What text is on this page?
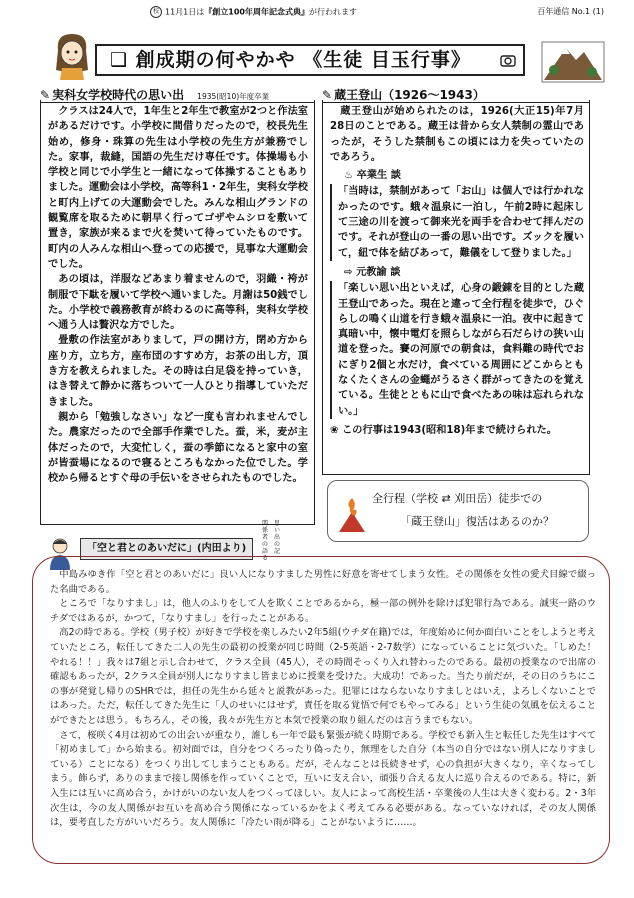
校 11月1日は『創立100年周年記念式典』が行われます	百年通信 No.1 (1)
❑ 創成期の何やかや 《生徒 目玉行事》
✎ 実科女学校時代の思い出 1935(昭10)年度卒業	✎ 蔵王登山（1926～1943）

クラスは24人で，1年生と2年生で教室が2つと作法室があるだけです。小学校に間借りだったので，校長先生始め，修身・珠算の先生は小学校の先生方が兼務でした。家事，裁縫，国語の先生だけ専任です。体操場も小学校と同じで小学生と一緒になって体操することもありました。運動会は小学校，高等科1・2年生，実科女学校と町内上げての大運動会でした。みんな相山グランドの観覧席を取るために朝早く行ってゴザやムシロを敷いて置き，家族が来るまで火を焚いて待っていたものです。町内の人みんな相山へ登っての応援で，見事な大運動会でした。

あの頃は，洋服などあまり着ませんので，羽織・袴が制服で下駄を履いて学校へ通いました。月謝は50銭でした。小学校で義務教育が終わるのに高等科，実科女学校へ通う人は贅沢な方でした。

畳敷の作法室がありまして，戸の開け方，閉め方から座り方，立ち方，座布団のすすめ方，お茶の出し方，頂き方を教えられました。その時は白足袋を持っていき，はき替えて静かに落ちついて一人ひとり指導していただきました。

親から「勉強しなさい」など一度も言われませんでした。農家だったので全部手作業でした。蚕，米，麦が主体だったので，大変忙しく，蚕の季節になると家中の室が皆蚕場になるので寝るところもなかった位でした。学校から帰るとすぐ母の手伝いをさせられたものでした。

蔵王登山が始められたのは，1926(大正15)年7月28日のことである。蔵王は昔から女人禁制の霊山であったが，そうした禁制もこの頃には力を失っていたのであろう。

♨ 卒業生 談
「当時は，禁制があって「お山」は個人では行かれなかったのです。蛾々温泉に一泊し，午前2時に起床して三途の川を渡って御来光を両手を合わせて拝んだのです。それが登山の一番の思い出です。ズックを履いて，紐で体を結びあって，難儀をして登りました。」
⇨ 元教諭 談
「楽しい思い出といえば，心身の鍛錬を目的とした蔵王登山であった。現在と違って全行程を徒歩で，ひぐらしの鳴く山道を行き蛾々温泉に一泊。夜中に起きて真暗い中，懐中電灯を照らしながら石だらけの狭い山道を登った。賽の河原での朝食は，食料難の時代でおにぎり2個と水だけ，食べている周囲にどこからともなくたくさんの金蠅がうるさく群がってきたのを覚えている。生徒とともに山で食べたあの味は忘れられない。」
❀ この行事は1943(昭和18)年まで続けられた。
全行程（学校 ⇄ 刈田岳）徒歩での
「蔵王登山」復活はあるのか？
関係者の語る
思い出の記
「空と君とのあいだに」(内田より)

中島みゆき作「空と君とのあいだに」良い人になりすました男性に好意を寄せてしまう女性。その関係を女性の愛犬目線で綴った名曲である。

ところで「なりすまし」は，他人のふりをして人を欺くことであるから，極一部の例外を除けば犯罪行為である。誠実一路のウチダではあるが，かつて，「なりすまし」を行ったことがある。

高2の時である。学校（男子校）が好きで学校を楽しみたい2年5組(ウチダ在籍)では，年度始めに何か面白いことをしようと考えていたところ，転任してきた二人の先生の最初の授業が同じ時間（2-5英語・2-7数学）になっていることに気づいた。「しめた！やれる！！」我々は7組と示し合わせて，クラス全員（45人），その時間そっくり入れ替わったのである。最初の授業なので出席の確認もあったが，2クラス全員が別人になりすまし皆まじめに授業を受けた。大成功！であった。当たり前だが，その日のうちにこの事が発覚し帰りのSHRでは，担任の先生から延々と説教があった。犯罪にはならないなりすましとはいえ，よろしくないことではあった。ただ，転任してきた先生に「人のせいにはせず，責任を取る覚悟で何でもやってみる」という生徒の気風を伝えることができたとは思う。もちろん，その後，我々が先生方と本気で授業の取り組んだのは言うまでもない。

さて，桜咲く4月は初めての出会いが重なり，誰しも一年で最も緊張が続く時期である。学校でも新入生と転任した先生はすべて「初めまして」から始まる。初対面では，自分をつくろったり偽ったり，無理をした自分（本当の自分ではない別人になりすましている）ことになる）をつくり出してしまうこともある。だが，そんなことは長続きせず，心の負担が大きくなり，辛くなってしまう。飾らず，ありのままで接し関係を作っていくことで，互いに支え合い，頑張り合える友人に巡り合えるのである。特に，新入生には互いに高め合う，かけがいのない友人をつくってほしい。友人によって高校生活・卒業後の人生は大きく変わる。2・3年次生は，今の友人関係がお互いを高め合う関係になっているかをよく考えてみる必要がある。なっていなければ，その友人関係は，要考直した方がいいだろう。友人関係に「冷たい雨が降る」ことがないように……。
